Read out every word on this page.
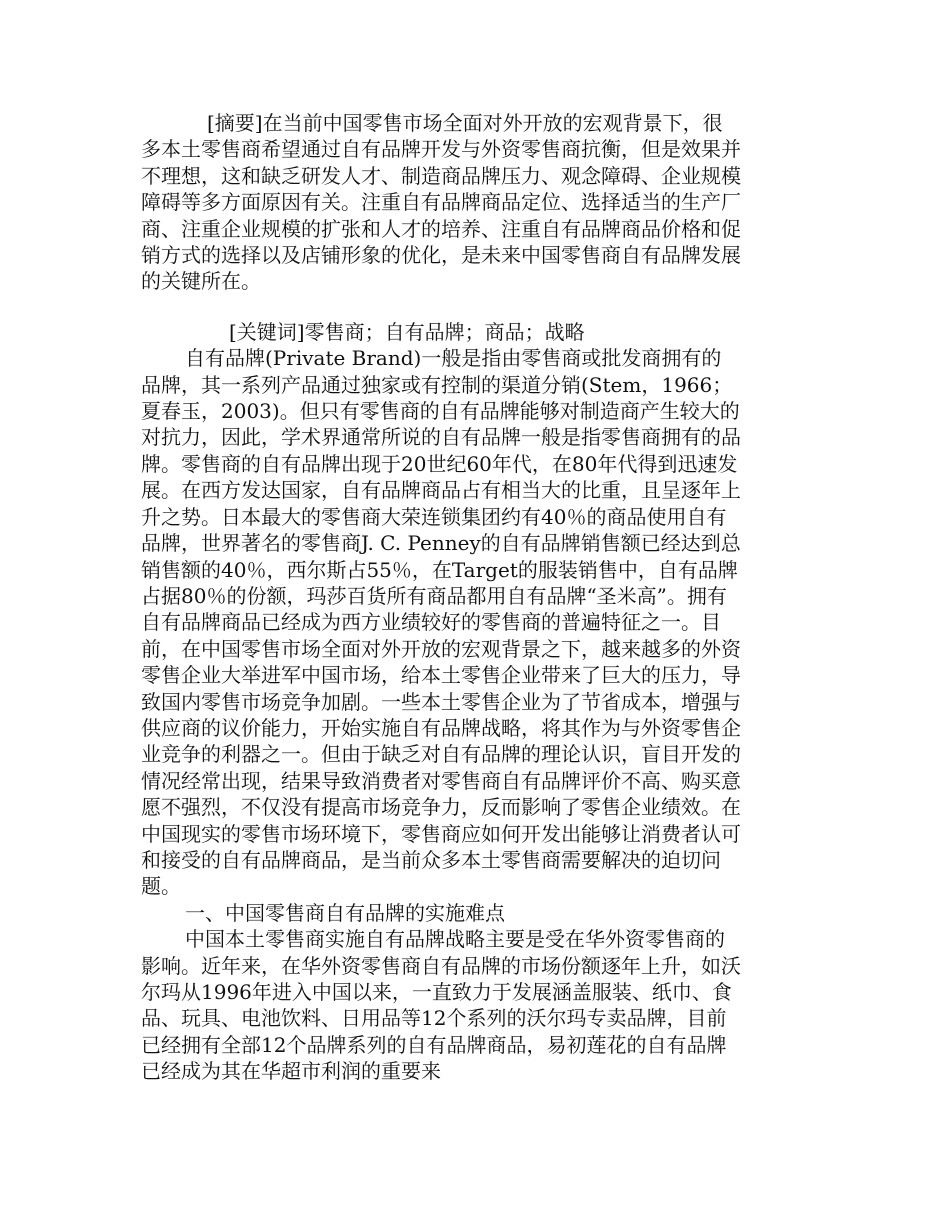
[摘要]在当前中国零售市场全面对外开放的宏观背景下，很多本土零售商希望通过自有品牌开发与外资零售商抗衡，但是效果并不理想，这和缺乏研发人才、制造商品牌压力、观念障碍、企业规模障碍等多方面原因有关。注重自有品牌商品定位、选择适当的生产厂商、注重企业规模的扩张和人才的培养、注重自有品牌商品价格和促销方式的选择以及店铺形象的优化，是未来中国零售商自有品牌发展的关键所在。

[关键词]零售商；自有品牌；商品；战略

自有品牌(Private Brand)一般是指由零售商或批发商拥有的品牌，其一系列产品通过独家或有控制的渠道分销(Stem，1966；夏春玉，2003)。但只有零售商的自有品牌能够对制造商产生较大的对抗力，因此，学术界通常所说的自有品牌一般是指零售商拥有的品牌。零售商的自有品牌出现于20世纪60年代，在80年代得到迅速发展。在西方发达国家，自有品牌商品占有相当大的比重，且呈逐年上升之势。日本最大的零售商大荣连锁集团约有40％的商品使用自有品牌，世界著名的零售商J. C. Penney的自有品牌销售额已经达到总销售额的40％，西尔斯占55％，在Target的服装销售中，自有品牌占据80％的份额，玛莎百货所有商品都用自有品牌“圣米高”。拥有自有品牌商品已经成为西方业绩较好的零售商的普遍特征之一。目前，在中国零售市场全面对外开放的宏观背景之下，越来越多的外资零售企业大举进军中国市场，给本土零售企业带来了巨大的压力，导致国内零售市场竞争加剧。一些本土零售企业为了节省成本，增强与供应商的议价能力，开始实施自有品牌战略，将其作为与外资零售企业竞争的利器之一。但由于缺乏对自有品牌的理论认识，盲目开发的情况经常出现，结果导致消费者对零售商自有品牌评价不高、购买意愿不强烈，不仅没有提高市场竞争力，反而影响了零售企业绩效。在中国现实的零售市场环境下，零售商应如何开发出能够让消费者认可和接受的自有品牌商品，是当前众多本土零售商需要解决的迫切问题。

一、中国零售商自有品牌的实施难点

中国本土零售商实施自有品牌战略主要是受在华外资零售商的影响。近年来，在华外资零售商自有品牌的市场份额逐年上升，如沃尔玛从1996年进入中国以来，一直致力于发展涵盖服装、纸巾、食品、玩具、电池饮料、日用品等12个系列的沃尔玛专卖品牌，目前已经拥有全部12个品牌系列的自有品牌商品，易初莲花的自有品牌已经成为其在华超市利润的重要来
